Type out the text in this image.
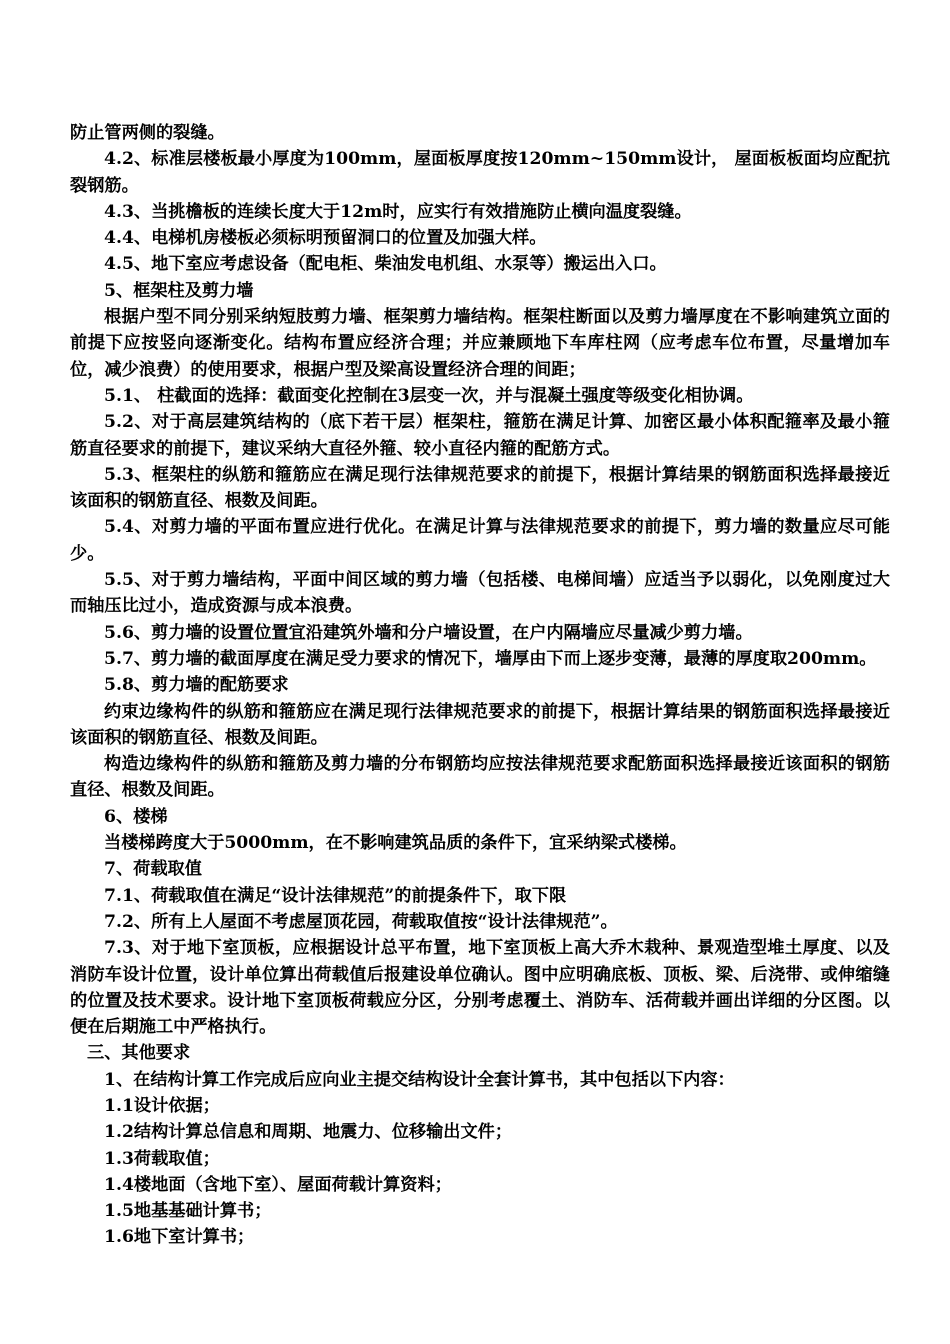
防止管两侧的裂缝。

4.2、标准层楼板最小厚度为100mm，屋面板厚度按120mm~150mm设计， 屋面板板面均应配抗裂钢筋。

4.3、当挑檐板的连续长度大于12m时，应实行有效措施防止横向温度裂缝。

4.4、电梯机房楼板必须标明预留洞口的位置及加强大样。

4.5、地下室应考虑设备（配电柜、柴油发电机组、水泵等）搬运出入口。

5、框架柱及剪力墙

根据户型不同分别采纳短肢剪力墙、框架剪力墙结构。框架柱断面以及剪力墙厚度在不影响建筑立面的前提下应按竖向逐渐变化。结构布置应经济合理；并应兼顾地下车库柱网（应考虑车位布置，尽量增加车位，减少浪费）的使用要求，根据户型及梁高设置经济合理的间距；

5.1、 柱截面的选择：截面变化控制在3层变一次，并与混凝土强度等级变化相协调。

5.2、对于高层建筑结构的（底下若干层）框架柱，箍筋在满足计算、加密区最小体积配箍率及最小箍筋直径要求的前提下，建议采纳大直径外箍、较小直径内箍的配筋方式。

5.3、框架柱的纵筋和箍筋应在满足现行法律规范要求的前提下，根据计算结果的钢筋面积选择最接近该面积的钢筋直径、根数及间距。

5.4、对剪力墙的平面布置应进行优化。在满足计算与法律规范要求的前提下，剪力墙的数量应尽可能少。

5.5、对于剪力墙结构，平面中间区域的剪力墙（包括楼、电梯间墙）应适当予以弱化，以免刚度过大而轴压比过小，造成资源与成本浪费。

5.6、剪力墙的设置位置宜沿建筑外墙和分户墙设置，在户内隔墙应尽量减少剪力墙。

5.7、剪力墙的截面厚度在满足受力要求的情况下，墙厚由下而上逐步变薄，最薄的厚度取200mm。

5.8、剪力墙的配筋要求

约束边缘构件的纵筋和箍筋应在满足现行法律规范要求的前提下，根据计算结果的钢筋面积选择最接近该面积的钢筋直径、根数及间距。

构造边缘构件的纵筋和箍筋及剪力墙的分布钢筋均应按法律规范要求配筋面积选择最接近该面积的钢筋直径、根数及间距。

6、楼梯

当楼梯跨度大于5000mm，在不影响建筑品质的条件下，宜采纳梁式楼梯。

7、荷载取值

7.1、荷载取值在满足“设计法律规范”的前提条件下，取下限

7.2、所有上人屋面不考虑屋顶花园，荷载取值按“设计法律规范”。

7.3、对于地下室顶板，应根据设计总平布置，地下室顶板上高大乔木栽种、景观造型堆土厚度、以及消防车设计位置，设计单位算出荷载值后报建设单位确认。图中应明确底板、顶板、梁、后浇带、或伸缩缝的位置及技术要求。设计地下室顶板荷载应分区，分别考虑覆土、消防车、活荷载并画出详细的分区图。以便在后期施工中严格执行。

三、其他要求

1、在结构计算工作完成后应向业主提交结构设计全套计算书，其中包括以下内容：

1.1设计依据；

1.2结构计算总信息和周期、地震力、位移输出文件；

1.3荷载取值；

1.4楼地面（含地下室）、屋面荷载计算资料；

1.5地基基础计算书；

1.6地下室计算书；
